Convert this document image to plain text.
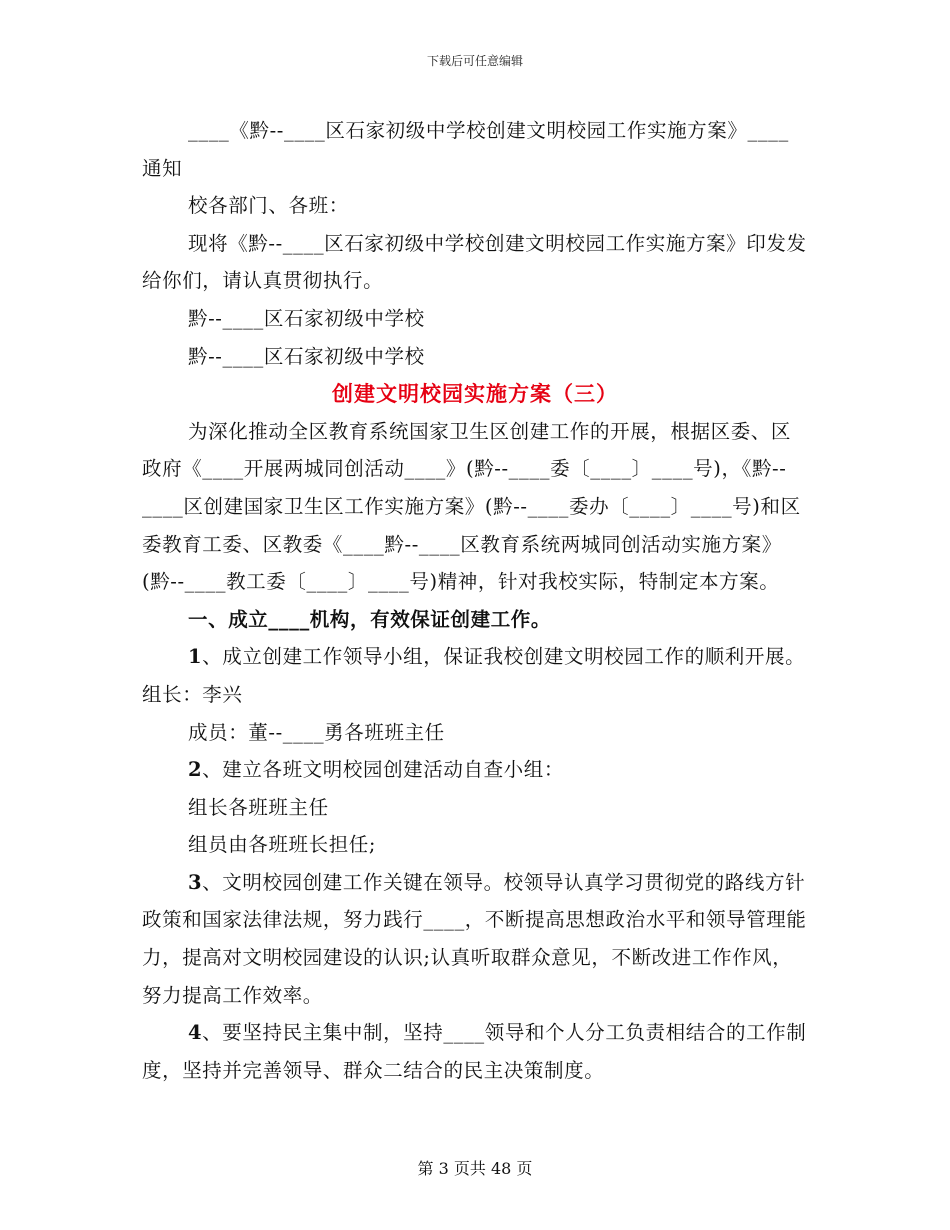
下载后可任意编辑

____《黔--____区石家初级中学校创建文明校园工作实施方案》____通知

校各部门、各班：

现将《黔--____区石家初级中学校创建文明校园工作实施方案》印发发给你们，请认真贯彻执行。

黔--____区石家初级中学校

黔--____区石家初级中学校

创建文明校园实施方案（三）

为深化推动全区教育系统国家卫生区创建工作的开展，根据区委、区政府《____开展两城同创活动____》(黔--____委〔____〕____号)，《黔--____区创建国家卫生区工作实施方案》(黔--____委办〔____〕____号)和区委教育工委、区教委《____黔--____区教育系统两城同创活动实施方案》(黔--____教工委〔____〕____号)精神，针对我校实际，特制定本方案。

一、成立____机构，有效保证创建工作。

1、成立创建工作领导小组，保证我校创建文明校园工作的顺利开展。组长：李兴

成员：董--____勇各班班主任

2、建立各班文明校园创建活动自查小组：

组长各班班主任

组员由各班班长担任;

3、文明校园创建工作关键在领导。校领导认真学习贯彻党的路线方针政策和国家法律法规，努力践行____，不断提高思想政治水平和领导管理能力，提高对文明校园建设的认识;认真听取群众意见，不断改进工作作风，努力提高工作效率。

4、要坚持民主集中制，坚持____领导和个人分工负责相结合的工作制度，坚持并完善领导、群众二结合的民主决策制度。

第 3 页共 48 页
